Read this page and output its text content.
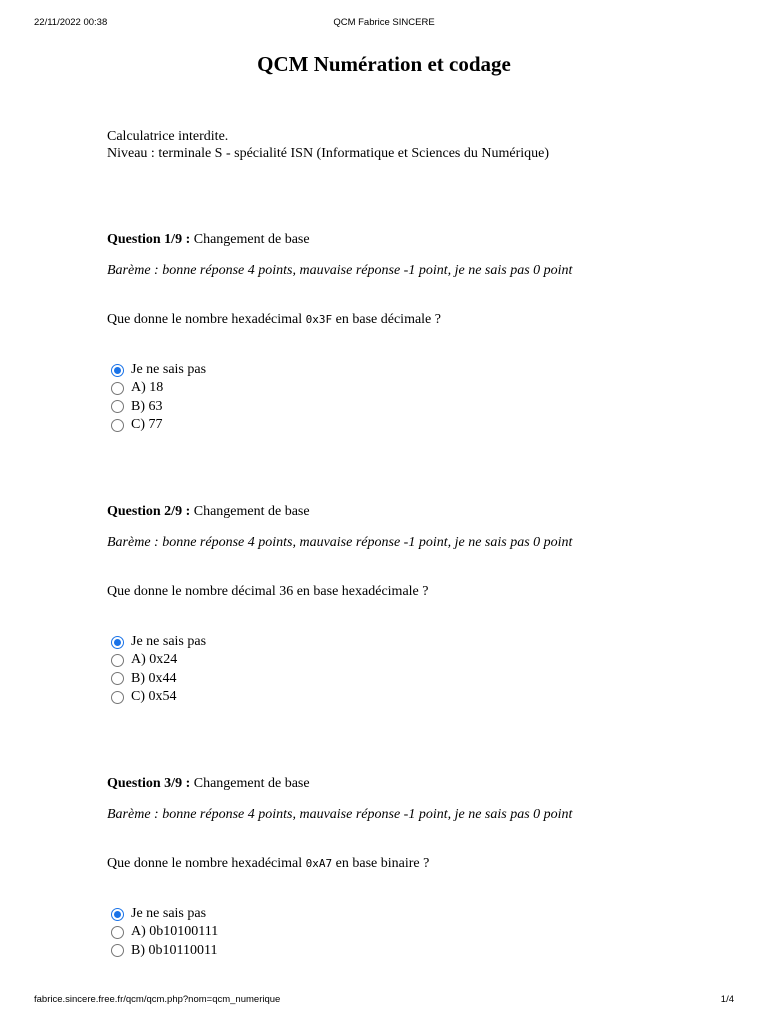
22/11/2022 00:38	QCM Fabrice SINCERE
QCM Numération et codage
Calculatrice interdite.
Niveau : terminale S - spécialité ISN (Informatique et Sciences du Numérique)
Question 1/9 : Changement de base
Barème : bonne réponse 4 points, mauvaise réponse -1 point, je ne sais pas 0 point
Que donne le nombre hexadécimal 0x3F en base décimale ?
Je ne sais pas
A) 18
B) 63
C) 77
Question 2/9 : Changement de base
Barème : bonne réponse 4 points, mauvaise réponse -1 point, je ne sais pas 0 point
Que donne le nombre décimal 36 en base hexadécimale ?
Je ne sais pas
A) 0x24
B) 0x44
C) 0x54
Question 3/9 : Changement de base
Barème : bonne réponse 4 points, mauvaise réponse -1 point, je ne sais pas 0 point
Que donne le nombre hexadécimal 0xA7 en base binaire ?
Je ne sais pas
A) 0b10100111
B) 0b10110011
fabrice.sincere.free.fr/qcm/qcm.php?nom=qcm_numerique	1/4
